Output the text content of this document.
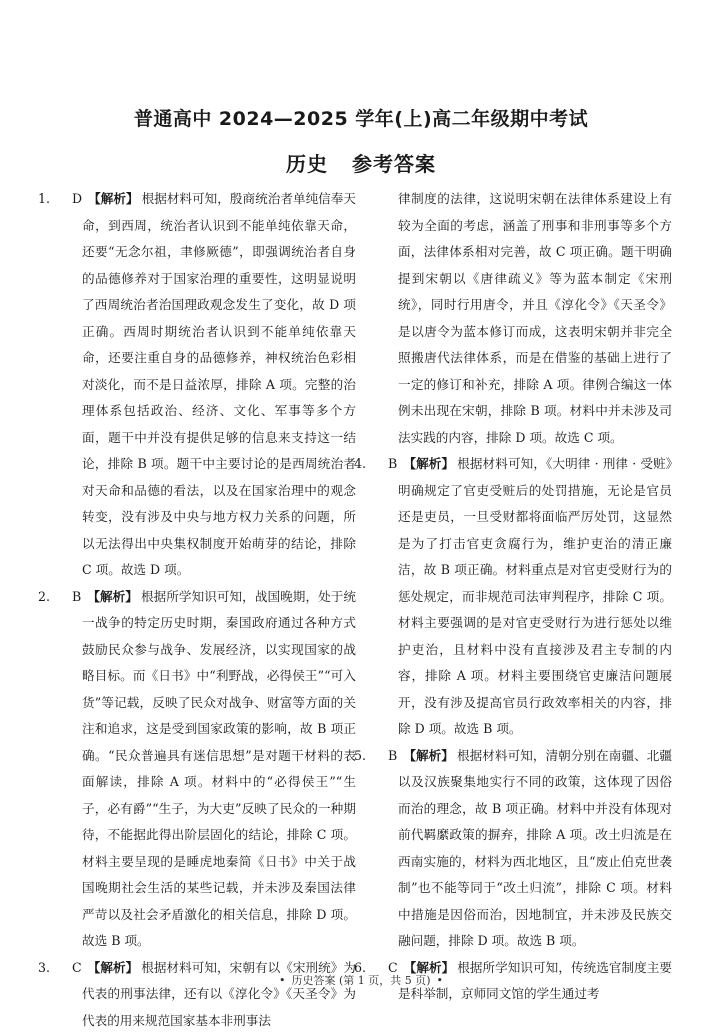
普通高中 2024—2025 学年(上)高二年级期中考试
历史 参考答案

1. D 【解析】 根据材料可知，殷商统治者单纯信奉天命，到西周，统治者认识到不能单纯依靠天命，还要“无念尔祖，聿修厥德”，即强调统治者自身的品德修养对于国家治理的重要性，这明显说明了西周统治者治国理政观念发生了变化，故 D 项正确。西周时期统治者认识到不能单纯依靠天命，还要注重自身的品德修养，神权统治色彩相对淡化，而不是日益浓厚，排除 A 项。完整的治理体系包括政治、经济、文化、军事等多个方面，题干中并没有提供足够的信息来支持这一结论，排除 B 项。题干中主要讨论的是西周统治者对天命和品德的看法，以及在国家治理中的观念转变，没有涉及中央与地方权力关系的问题，所以无法得出中央集权制度开始萌芽的结论，排除 C 项。故选 D 项。

2. B 【解析】 根据所学知识可知，战国晚期，处于统一战争的特定历史时期，秦国政府通过各种方式鼓励民众参与战争、发展经济，以实现国家的战略目标。而《日书》中“利野战，必得侯王”“可入货”等记载，反映了民众对战争、财富等方面的关注和追求，这是受到国家政策的影响，故 B 项正确。“民众普遍具有迷信思想”是对题干材料的表面解读，排除 A 项。材料中的“必得侯王”“生子，必有爵”“生子，为大吏”反映了民众的一种期待，不能据此得出阶层固化的结论，排除 C 项。材料主要呈现的是睡虎地秦简《日书》中关于战国晚期社会生活的某些记载，并未涉及秦国法律严苛以及社会矛盾激化的相关信息，排除 D 项。故选 B 项。

3. C 【解析】 根据材料可知，宋朝有以《宋刑统》为代表的刑事法律，还有以《淳化令》《天圣令》为代表的用来规范国家基本非刑事法

律制度的法律，这说明宋朝在法律体系建设上有较为全面的考虑，涵盖了刑事和非刑事等多个方面，法律体系相对完善，故 C 项正确。题干明确提到宋朝以《唐律疏义》等为蓝本制定《宋刑统》，同时行用唐令，并且《淳化令》《天圣令》是以唐令为蓝本修订而成，这表明宋朝并非完全照搬唐代法律体系，而是在借鉴的基础上进行了一定的修订和补充，排除 A 项。律例合编这一体例未出现在宋朝，排除 B 项。材料中并未涉及司法实践的内容，排除 D 项。故选 C 项。

4. B 【解析】 根据材料可知，《大明律 · 刑律 · 受赃》明确规定了官吏受赃后的处罚措施，无论是官员还是吏员，一旦受财都将面临严厉处罚，这显然是为了打击官吏贪腐行为，维护吏治的清正廉洁，故 B 项正确。材料重点是对官吏受财行为的惩处规定，而非规范司法审判程序，排除 C 项。材料主要强调的是对官吏受财行为进行惩处以维护吏治，且材料中没有直接涉及君主专制的内容，排除 A 项。材料主要围绕官吏廉洁问题展开，没有涉及提高官员行政效率相关的内容，排除 D 项。故选 B 项。

5. B 【解析】 根据材料可知，清朝分别在南疆、北疆以及汉族聚集地实行不同的政策，这体现了因俗而治的理念，故 B 项正确。材料中并没有体现对前代羁縻政策的摒弃，排除 A 项。改土归流是在西南实施的，材料为西北地区，且“废止伯克世袭制”也不能等同于“改土归流”，排除 C 项。材料中措施是因俗而治，因地制宜，并未涉及民族交融问题，排除 D 项。故选 B 项。

6. C 【解析】 根据所学知识可知，传统选官制度主要是科举制，京师同文馆的学生通过考

• 历史答案 (第 1 页，共 5 页) •
